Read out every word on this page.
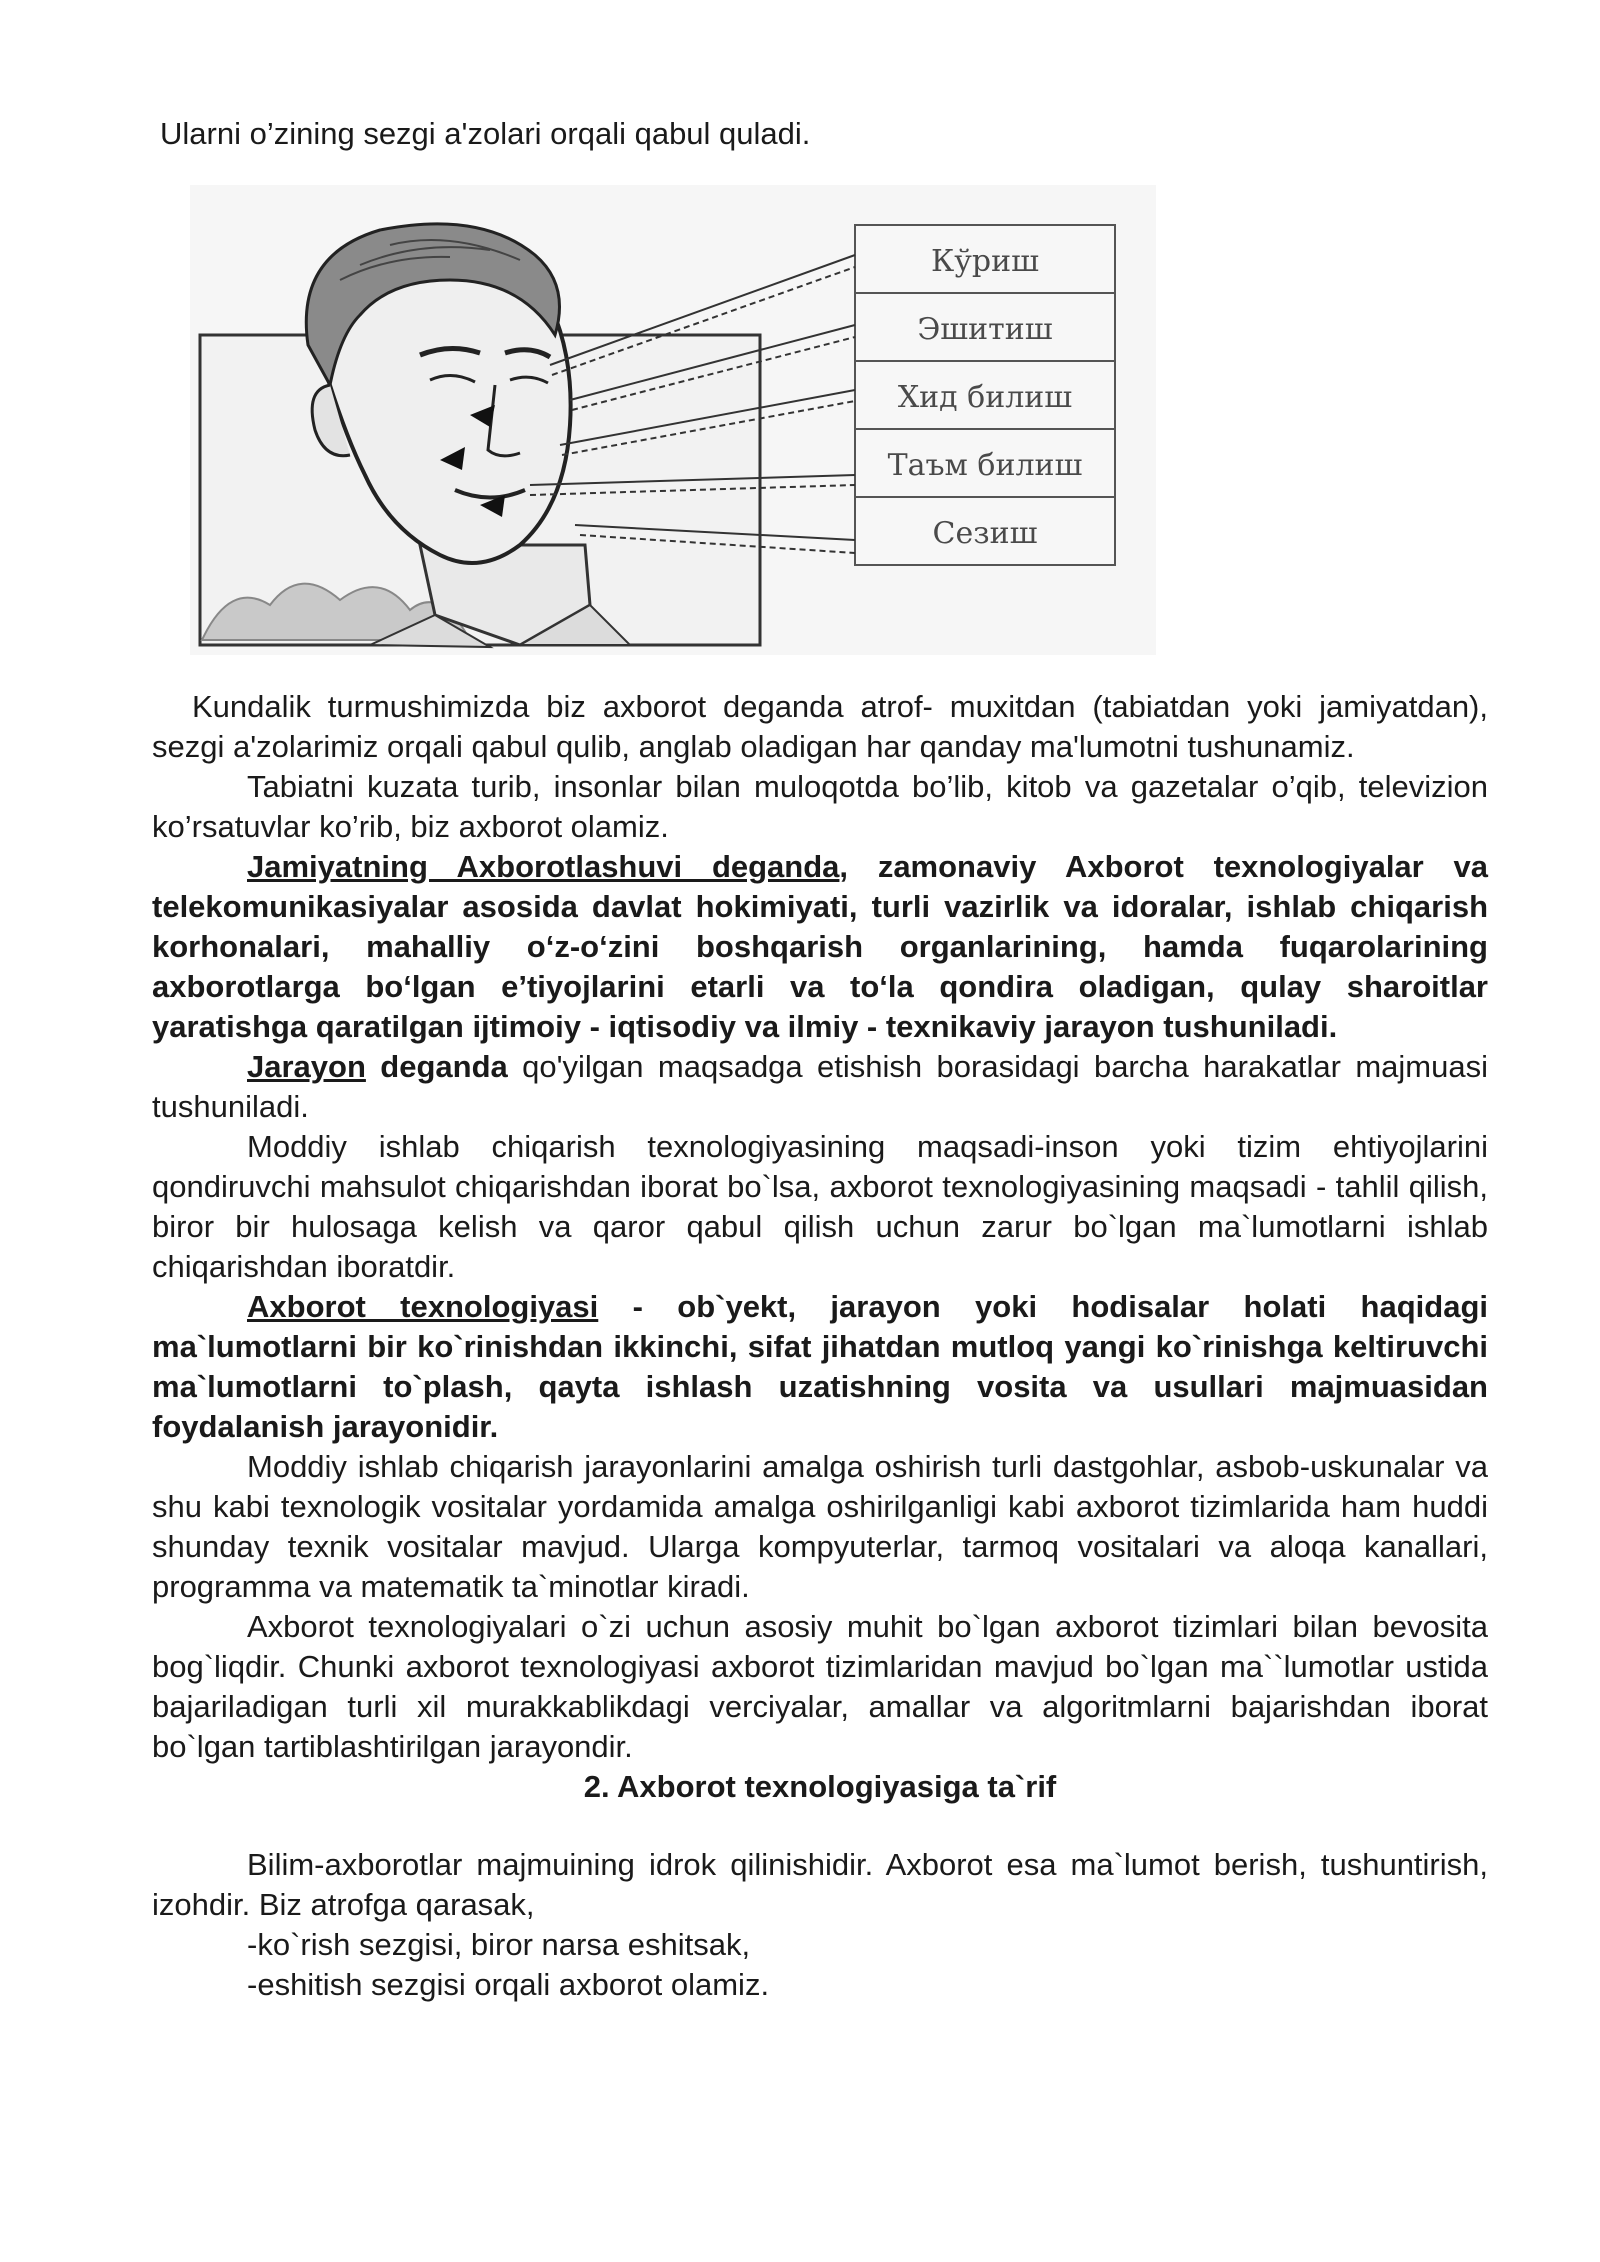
Ularni o’zining sezgi a'zolari orqali qabul quladi.
Кўриш
Эшитиш
Хид билиш
Таъм билиш
Сезиш

Kundalik turmushimizda biz axborot deganda atrof- muxitdan (tabiatdan yoki jamiyatdan), sezgi a'zolarimiz orqali qabul qulib, anglab oladigan har qanday ma'lumotni tushunamiz.

Tabiatni kuzata turib, insonlar bilan muloqotda bo’lib, kitob va gazetalar o’qib, televizion ko’rsatuvlar ko’rib, biz axborot olamiz.

Jamiyatning Axborotlashuvi deganda, zamonaviy Axborot texnologiyalar va telekomunikasiyalar asosida davlat hokimiyati, turli vazirlik va idoralar, ishlab chiqarish korhonalari, mahalliy o‘z-o‘zini boshqarish organlarining, hamda fuqarolarining axborotlarga bo‘lgan e’tiyojlarini etarli va to‘la qondira oladigan, qulay sharoitlar yaratishga qaratilgan ijtimoiy - iqtisodiy va ilmiy - texnikaviy jarayon tushuniladi.

Jarayon deganda qo'yilgan maqsadga etishish borasidagi barcha harakatlar majmuasi tushuniladi.

Moddiy ishlab chiqarish texnologiyasining maqsadi-inson yoki tizim ehtiyojlarini qondiruvchi mahsulot chiqarishdan iborat bo`lsa, axborot texnologiyasining maqsadi - tahlil qilish, biror bir hulosaga kelish va qaror qabul qilish uchun zarur bo`lgan ma`lumotlarni ishlab chiqarishdan iboratdir.

Axborot texnologiyasi - ob`yekt, jarayon yoki hodisalar holati haqidagi ma`lumotlarni bir ko`rinishdan ikkinchi, sifat jihatdan mutloq yangi ko`rinishga keltiruvchi ma`lumotlarni to`plash, qayta ishlash uzatishning vosita va usullari majmuasidan foydalanish jarayonidir.

Moddiy ishlab chiqarish jarayonlarini amalga oshirish turli dastgohlar, asbob-uskunalar va shu kabi texnologik vositalar yordamida amalga oshirilganligi kabi axborot tizimlarida ham huddi shunday texnik vositalar mavjud. Ularga kompyuterlar, tarmoq vositalari va aloqa kanallari, programma va matematik ta`minotlar kiradi.

Axborot texnologiyalari o`zi uchun asosiy muhit bo`lgan axborot tizimlari bilan bevosita bog`liqdir. Chunki axborot texnologiyasi axborot tizimlaridan mavjud bo`lgan ma``lumotlar ustida bajariladigan turli xil murakkablikdagi verciyalar, amallar va algoritmlarni bajarishdan iborat bo`lgan tartiblashtirilgan jarayondir.

2. Axborot texnologiyasiga ta`rif

Bilim-axborotlar majmuining idrok qilinishidir. Axborot esa ma`lumot berish, tushuntirish, izohdir. Biz atrofga qarasak,

-ko`rish sezgisi, biror narsa eshitsak,

-eshitish sezgisi orqali axborot olamiz.
